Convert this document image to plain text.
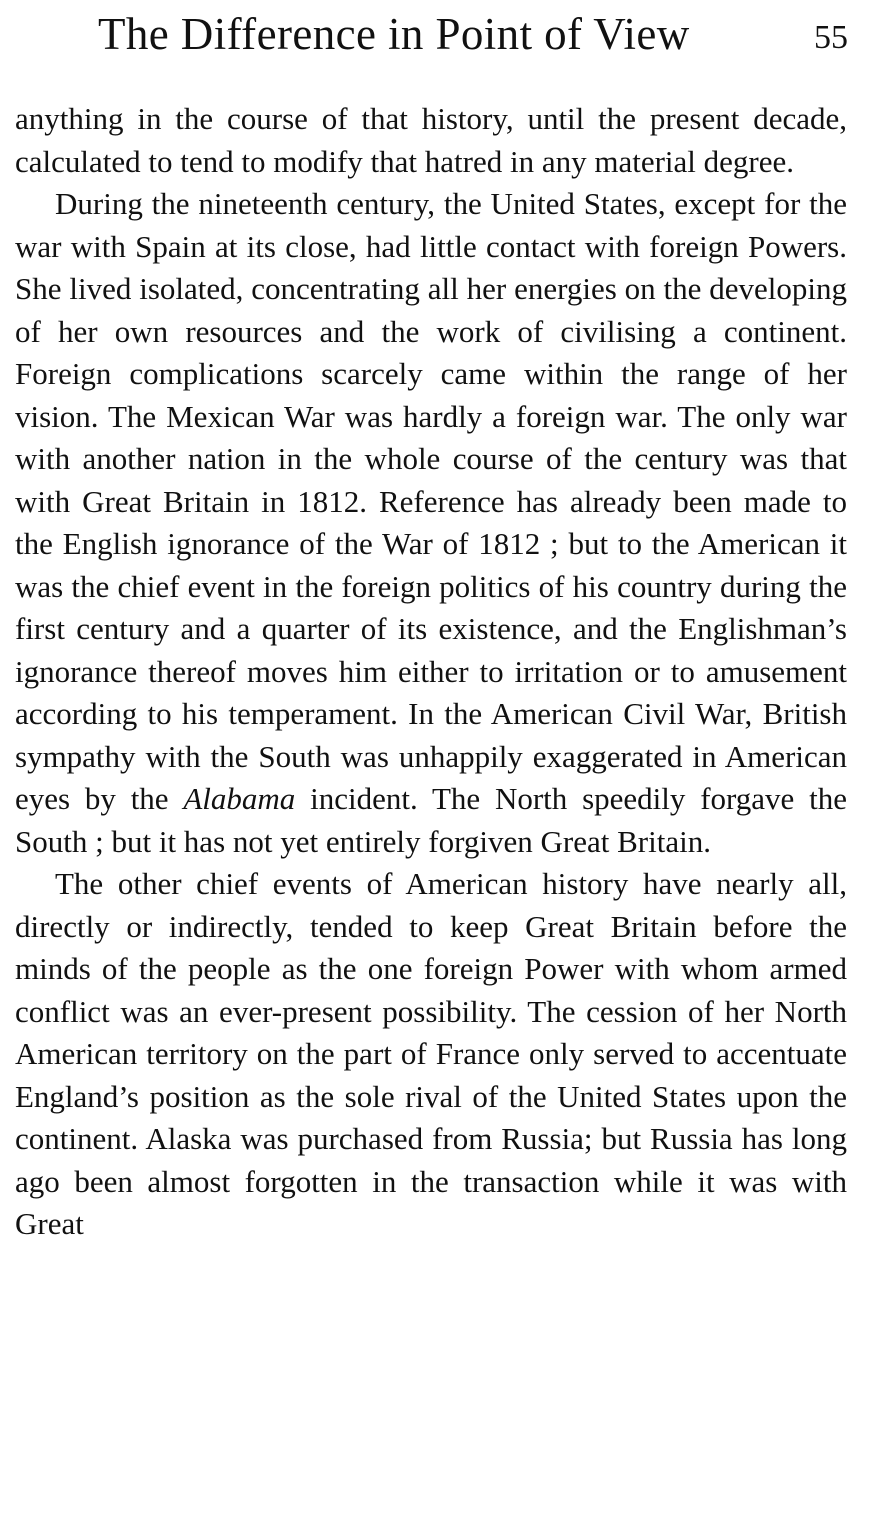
The Difference in Point of View	55

anything in the course of that history, until the present decade, calculated to tend to modify that hatred in any material degree.

During the nineteenth century, the United States, except for the war with Spain at its close, had little contact with foreign Powers. She lived isolated, concentrating all her energies on the developing of her own resources and the work of civilising a continent. Foreign complications scarcely came within the range of her vision. The Mexican War was hardly a foreign war. The only war with another nation in the whole course of the century was that with Great Britain in 1812. Reference has already been made to the English ignorance of the War of 1812 ; but to the American it was the chief event in the foreign politics of his country during the first century and a quarter of its existence, and the Englishman’s ignorance thereof moves him either to irritation or to amusement according to his temperament. In the American Civil War, British sympathy with the South was unhappily exaggerated in American eyes by the Alabama incident. The North speedily forgave the South ; but it has not yet entirely forgiven Great Britain.

The other chief events of American history have nearly all, directly or indirectly, tended to keep Great Britain before the minds of the people as the one foreign Power with whom armed conflict was an ever-present possibility. The cession of her North American territory on the part of France only served to accentuate England’s position as the sole rival of the United States upon the continent. Alaska was purchased from Russia; but Russia has long ago been almost forgotten in the transaction while it was with Great
